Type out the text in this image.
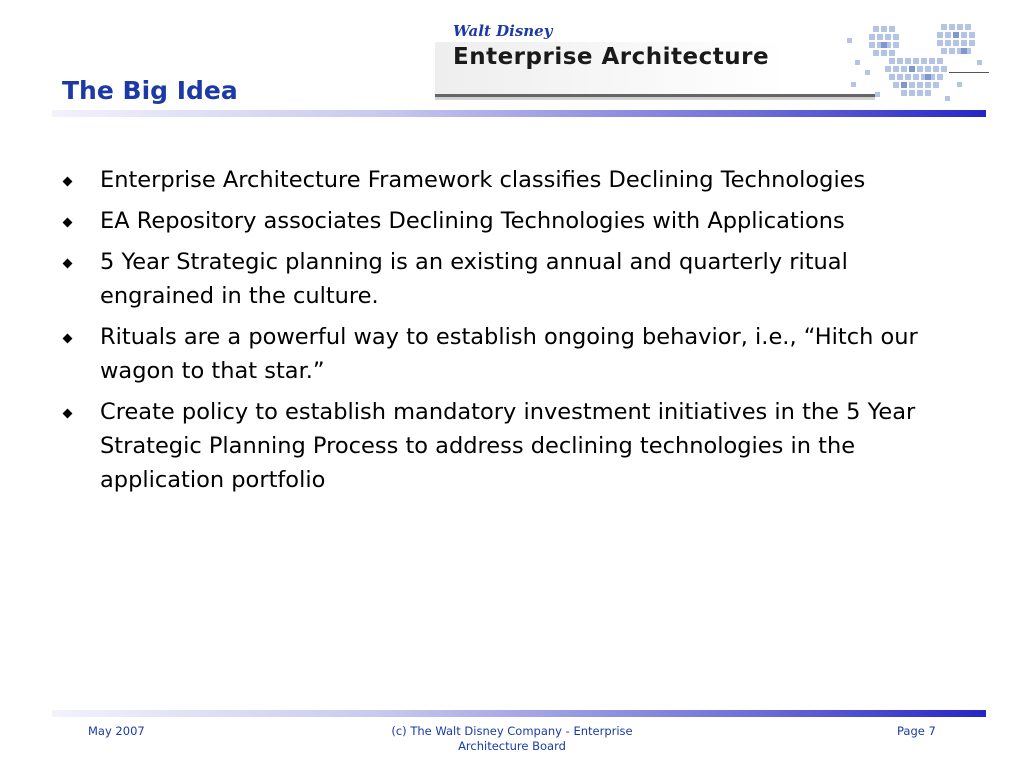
Walt Disney
Enterprise Architecture
The Big Idea
Enterprise Architecture Framework classifies Declining Technologies
EA Repository associates Declining Technologies with Applications
5 Year Strategic planning is an existing annual and quarterly ritual engrained in the culture.
Rituals are a powerful way to establish ongoing behavior, i.e., “Hitch our wagon to that star.”
Create policy to establish mandatory investment initiatives in the 5 Year Strategic Planning Process to address declining technologies in the application portfolio
May 2007	(c) The Walt Disney Company - Enterprise Architecture Board
Page 7
